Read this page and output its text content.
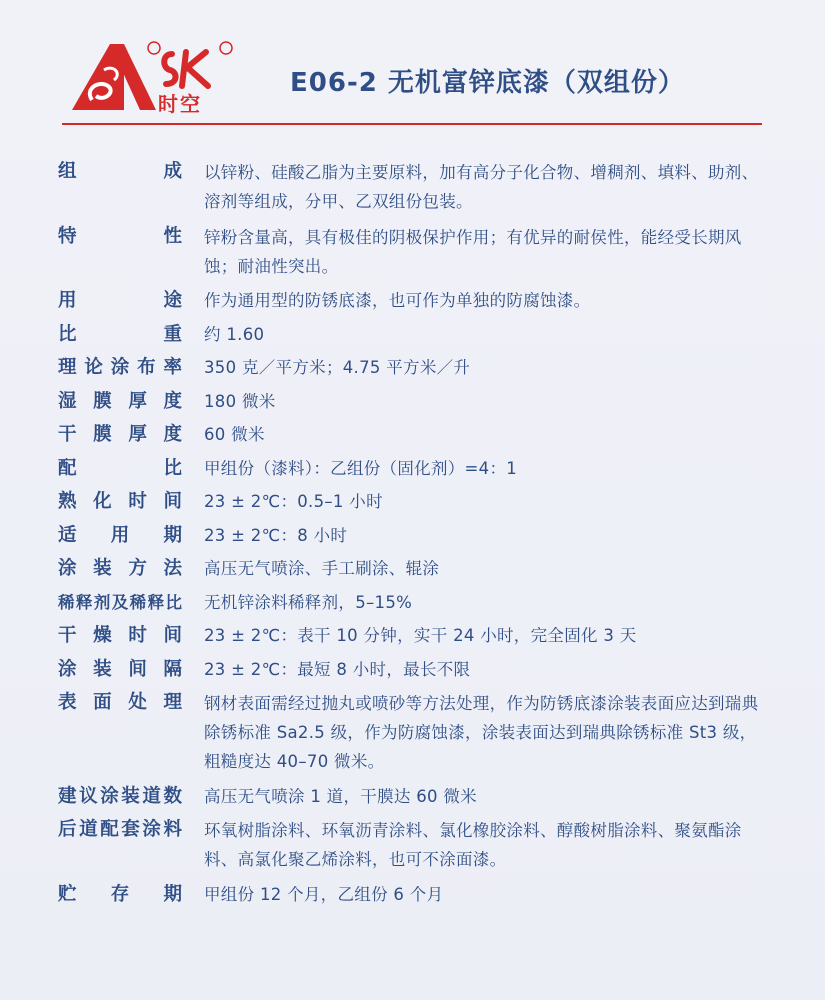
时空
E06-2 无机富锌底漆（双组份）
组成 以锌粉、硅酸乙脂为主要原料，加有高分子化合物、增稠剂、填料、助剂、溶剂等组成，分甲、乙双组份包装。
特性 锌粉含量高，具有极佳的阴极保护作用；有优异的耐侯性，能经受长期风蚀；耐油性突出。
用途 作为通用型的防锈底漆，也可作为单独的防腐蚀漆。
比重 约 1.60
理论涂布率 350 克／平方米；4.75 平方米／升
湿膜厚度 180 微米
干膜厚度 60 微米
配比 甲组份（漆料）：乙组份（固化剂）=4：1
熟化时间 23 ± 2℃：0.5–1 小时
适用期 23 ± 2℃：8 小时
涂装方法 高压无气喷涂、手工刷涂、辊涂
稀释剂及稀释比 无机锌涂料稀释剂，5–15%
干燥时间 23 ± 2℃：表干 10 分钟，实干 24 小时，完全固化 3 天
涂装间隔 23 ± 2℃：最短 8 小时，最长不限
表面处理 钢材表面需经过抛丸或喷砂等方法处理，作为防锈底漆涂装表面应达到瑞典除锈标准 Sa2.5 级，作为防腐蚀漆，涂装表面达到瑞典除锈标准 St3 级，粗糙度达 40–70 微米。
建议涂装道数 高压无气喷涂 1 道，干膜达 60 微米
后道配套涂料 环氧树脂涂料、环氧沥青涂料、氯化橡胶涂料、醇酸树脂涂料、聚氨酯涂料、高氯化聚乙烯涂料，也可不涂面漆。
贮存期 甲组份 12 个月，乙组份 6 个月
